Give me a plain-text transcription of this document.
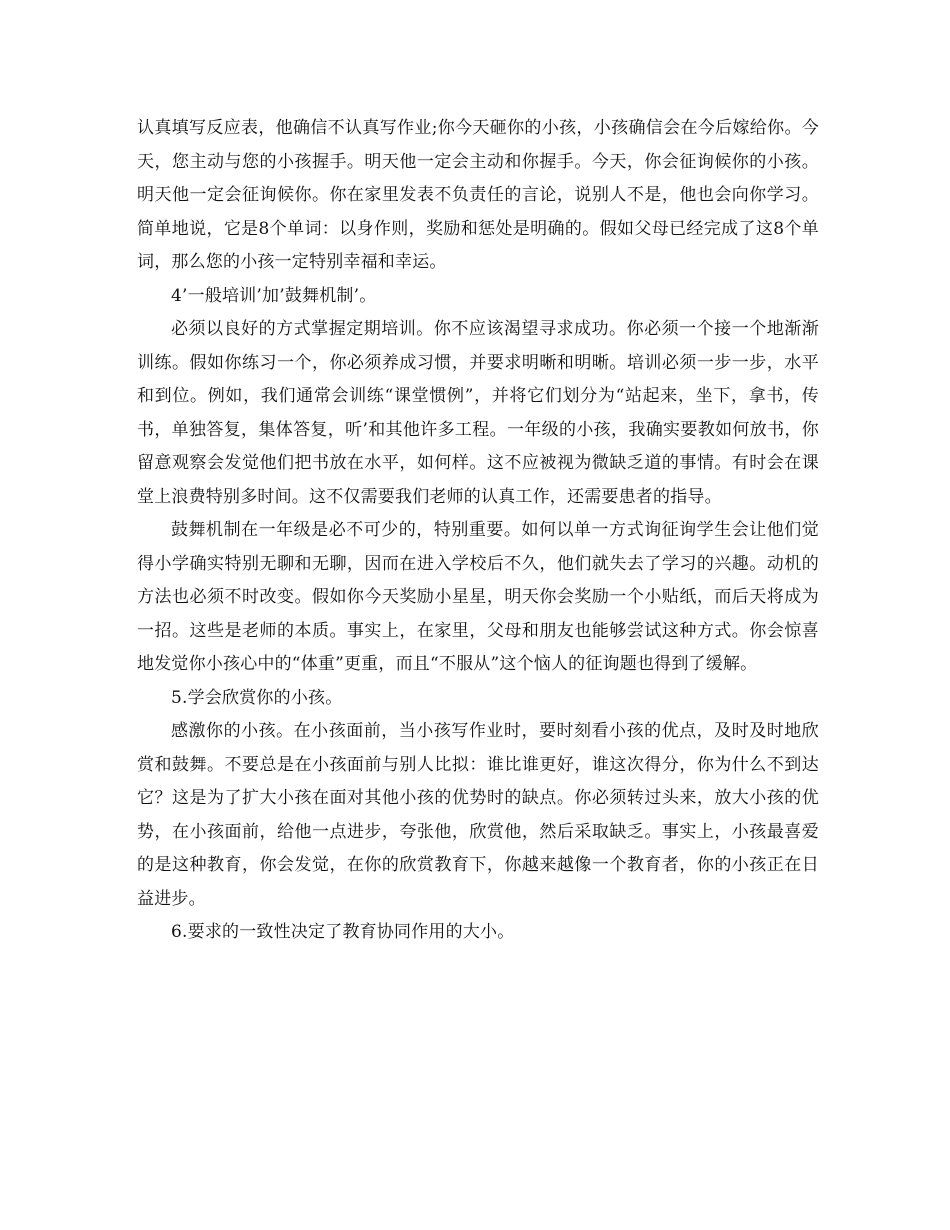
认真填写反应表，他确信不认真写作业;你今天砸你的小孩，小孩确信会在今后嫁给你。今天，您主动与您的小孩握手。明天他一定会主动和你握手。今天，你会征询候你的小孩。明天他一定会征询候你。你在家里发表不负责任的言论，说别人不是，他也会向你学习。简单地说，它是8个单词：以身作则，奖励和惩处是明确的。假如父母已经完成了这8个单词，那么您的小孩一定特别幸福和幸运。

4’一般培训’加’鼓舞机制’。

必须以良好的方式掌握定期培训。你不应该渴望寻求成功。你必须一个接一个地渐渐训练。假如你练习一个，你必须养成习惯，并要求明晰和明晰。培训必须一步一步，水平和到位。例如，我们通常会训练“课堂惯例”，并将它们划分为“站起来，坐下，拿书，传书，单独答复，集体答复，听’和其他许多工程。一年级的小孩，我确实要教如何放书，你留意观察会发觉他们把书放在水平，如何样。这不应被视为微缺乏道的事情。有时会在课堂上浪费特别多时间。这不仅需要我们老师的认真工作，还需要患者的指导。

鼓舞机制在一年级是必不可少的，特别重要。如何以单一方式询征询学生会让他们觉得小学确实特别无聊和无聊，因而在进入学校后不久，他们就失去了学习的兴趣。动机的方法也必须不时改变。假如你今天奖励小星星，明天你会奖励一个小贴纸，而后天将成为一招。这些是老师的本质。事实上，在家里，父母和朋友也能够尝试这种方式。你会惊喜地发觉你小孩心中的“体重”更重，而且“不服从”这个恼人的征询题也得到了缓解。

5.学会欣赏你的小孩。

感激你的小孩。在小孩面前，当小孩写作业时，要时刻看小孩的优点，及时及时地欣赏和鼓舞。不要总是在小孩面前与别人比拟：谁比谁更好，谁这次得分，你为什么不到达它？这是为了扩大小孩在面对其他小孩的优势时的缺点。你必须转过头来，放大小孩的优势，在小孩面前，给他一点进步，夸张他，欣赏他，然后采取缺乏。事实上，小孩最喜爱的是这种教育，你会发觉，在你的欣赏教育下，你越来越像一个教育者，你的小孩正在日益进步。

6.要求的一致性决定了教育协同作用的大小。
